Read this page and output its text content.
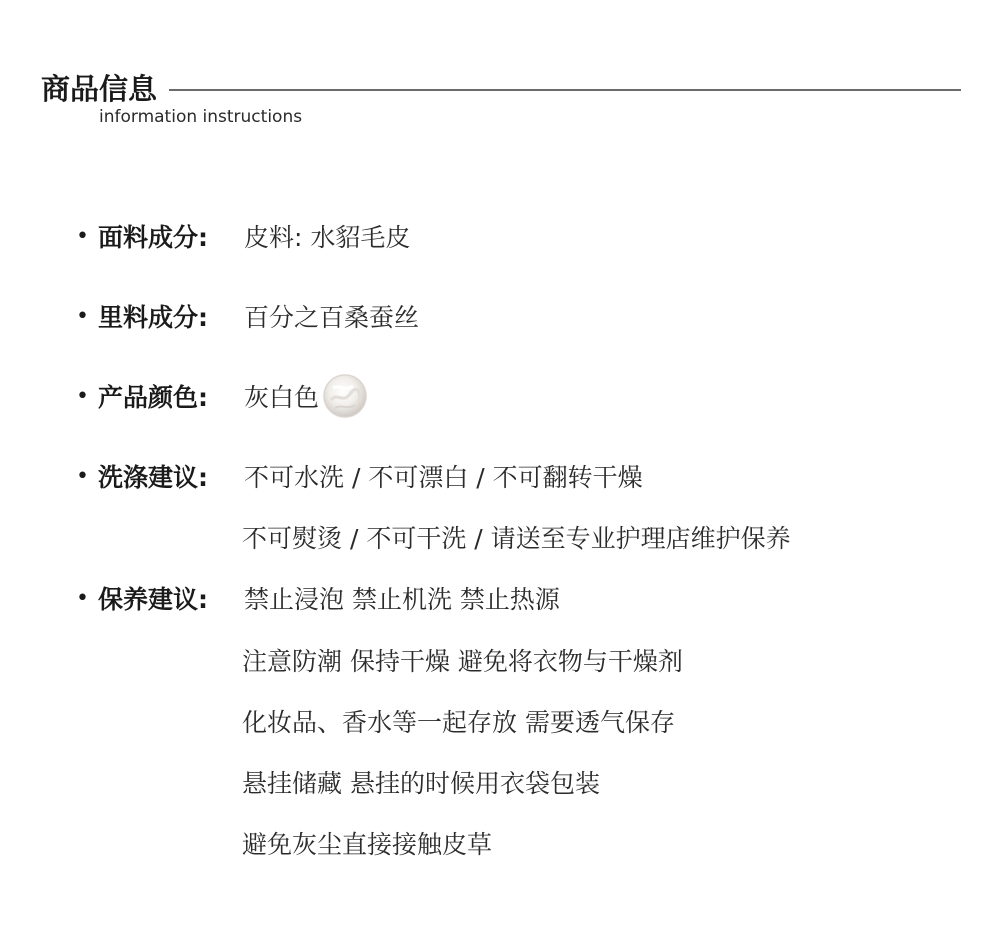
商品信息
information instructions
• 面料成分:	皮料: 水貂毛皮
• 里料成分:	百分之百桑蚕丝
• 产品颜色:	灰白色
• 洗涤建议:	不可水洗 / 不可漂白 / 不可翻转干燥
不可熨烫 / 不可干洗 / 请送至专业护理店维护保养
• 保养建议:	禁止浸泡 禁止机洗 禁止热源
注意防潮 保持干燥 避免将衣物与干燥剂
化妆品、香水等一起存放 需要透气保存
悬挂储藏 悬挂的时候用衣袋包装
避免灰尘直接接触皮草
